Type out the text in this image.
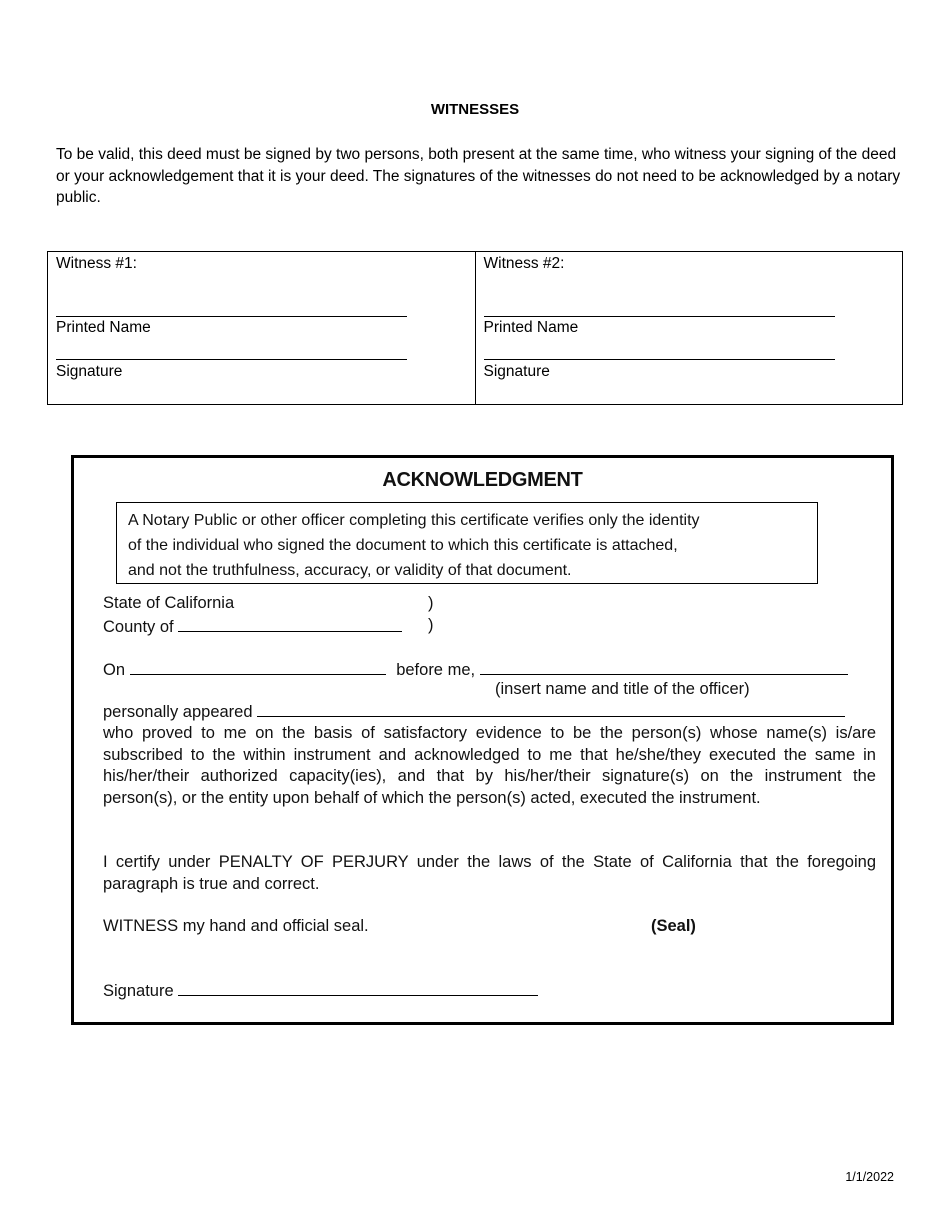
WITNESSES
To be valid, this deed must be signed by two persons, both present at the same time, who witness your signing of the deed or your acknowledgement that it is your deed. The signatures of the witnesses do not need to be acknowledged by a notary public.
Witness #1:
Printed Name
Signature
Witness #2:
Printed Name
Signature
ACKNOWLEDGMENT
A Notary Public or other officer completing this certificate verifies only the identity
of the individual who signed the document to which this certificate is attached,
and not the truthfulness, accuracy, or validity of that document.
State of California	)
County of	)
On	before me,
(insert name and title of the officer)
personally appeared
who proved to me on the basis of satisfactory evidence to be the person(s) whose name(s) is/are subscribed to the within instrument and acknowledged to me that he/she/they executed the same in his/her/their authorized capacity(ies), and that by his/her/their signature(s) on the instrument the person(s), or the entity upon behalf of which the person(s) acted, executed the instrument.
I certify under PENALTY OF PERJURY under the laws of the State of California that the foregoing paragraph is true and correct.
WITNESS my hand and official seal.	(Seal)
Signature
1/1/2022
